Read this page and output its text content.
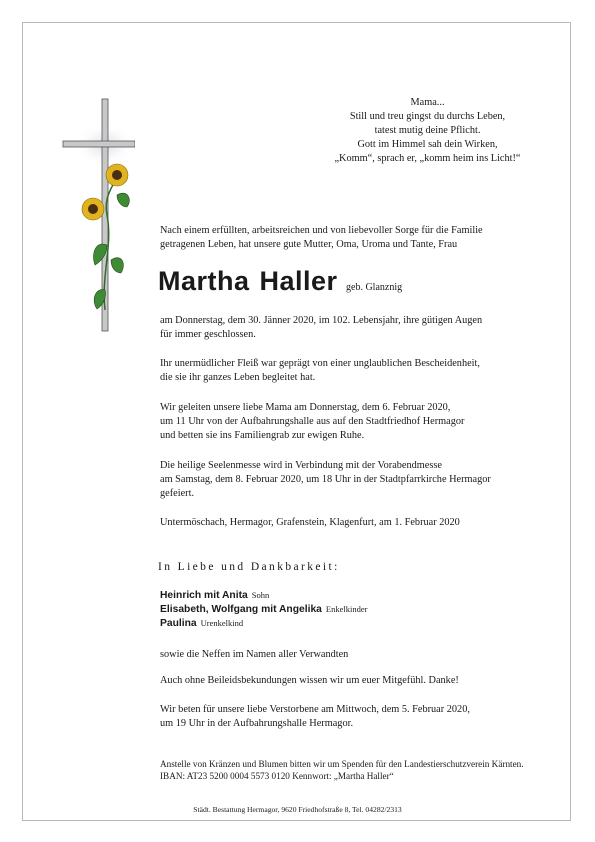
Mama...
Still und treu gingst du durchs Leben,
tatest mutig deine Pflicht.
Gott im Himmel sah dein Wirken,
„Komm“, sprach er, „komm heim ins Licht!“
Nach einem erfüllten, arbeitsreichen und von liebevoller Sorge für die Familie
getragenen Leben, hat unsere gute Mutter, Oma, Uroma und Tante, Frau
Martha Haller geb. Glanznig
am Donnerstag, dem 30. Jänner 2020, im 102. Lebensjahr, ihre gütigen Augen
für immer geschlossen.
Ihr unermüdlicher Fleiß war geprägt von einer unglaublichen Bescheidenheit,
die sie ihr ganzes Leben begleitet hat.
Wir geleiten unsere liebe Mama am Donnerstag, dem 6. Februar 2020,
um 11 Uhr von der Aufbahrungshalle aus auf den Stadtfriedhof Hermagor
und betten sie ins Familiengrab zur ewigen Ruhe.
Die heilige Seelenmesse wird in Verbindung mit der Vorabendmesse
am Samstag, dem 8. Februar 2020, um 18 Uhr in der Stadtpfarrkirche Hermagor
gefeiert.
Untermöschach, Hermagor, Grafenstein, Klagenfurt, am 1. Februar 2020
In Liebe und Dankbarkeit:
Heinrich mit Anita Sohn
Elisabeth, Wolfgang mit Angelika Enkelkinder
Paulina Urenkelkind
sowie die Neffen im Namen aller Verwandten
Auch ohne Beileidsbekundungen wissen wir um euer Mitgefühl. Danke!
Wir beten für unsere liebe Verstorbene am Mittwoch, dem 5. Februar 2020,
um 19 Uhr in der Aufbahrungshalle Hermagor.
Anstelle von Kränzen und Blumen bitten wir um Spenden für den Landestierschutzverein Kärnten.
IBAN: AT23 5200 0004 5573 0120 Kennwort: „Martha Haller“
Städt. Bestattung Hermagor, 9620 Friedhofstraße 8, Tel. 04282/2313
